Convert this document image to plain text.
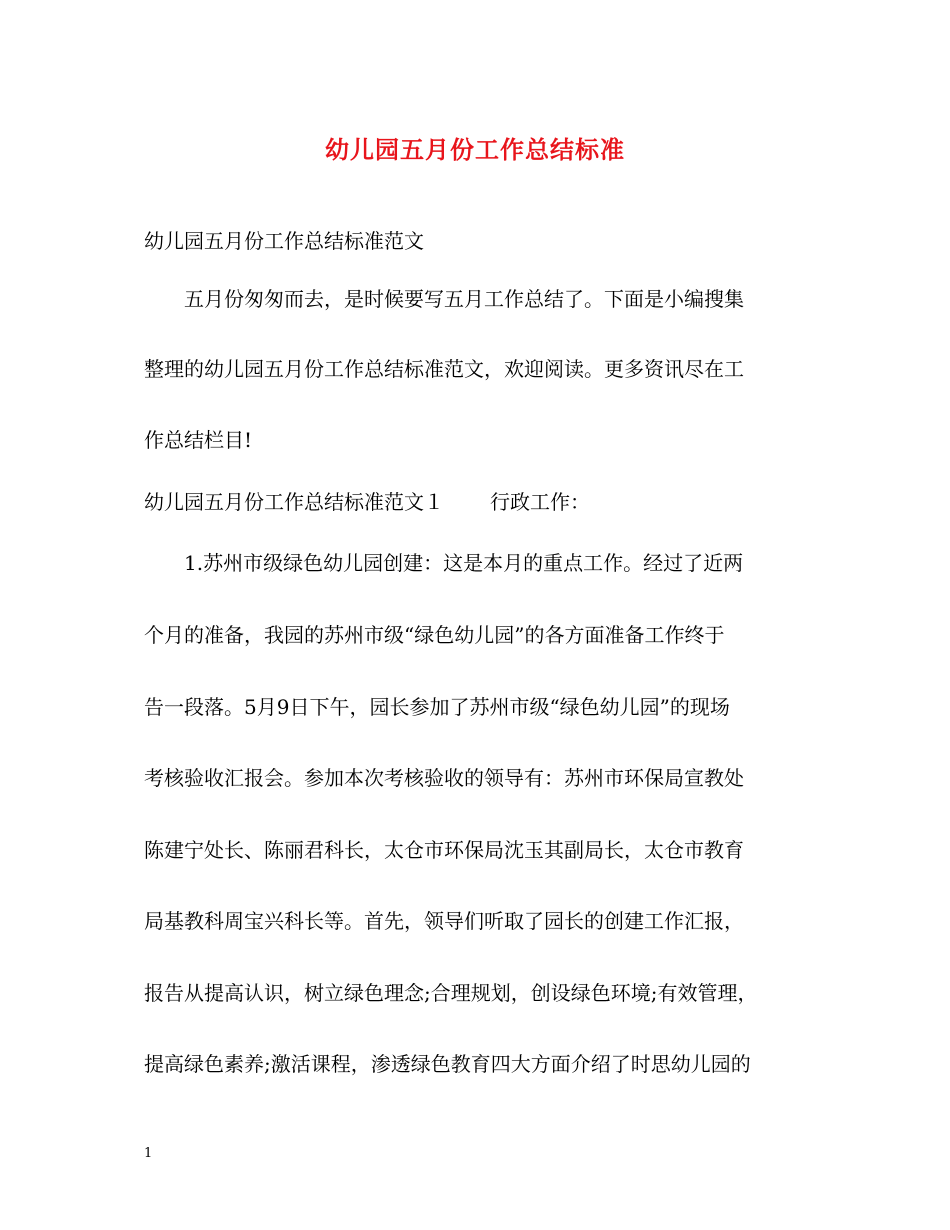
幼儿园五月份工作总结标准
幼儿园五月份工作总结标准范文
五月份匆匆而去，是时候要写五月工作总结了。下面是小编搜集
整理的幼儿园五月份工作总结标准范文，欢迎阅读。更多资讯尽在工
作总结栏目!
幼儿园五月份工作总结标准范文１ 行政工作：
1.苏州市级绿色幼儿园创建：这是本月的重点工作。经过了近两
个月的准备，我园的苏州市级“绿色幼儿园”的各方面准备工作终于
告一段落。5月9日下午，园长参加了苏州市级“绿色幼儿园”的现场
考核验收汇报会。参加本次考核验收的领导有：苏州市环保局宣教处
陈建宁处长、陈丽君科长，太仓市环保局沈玉其副局长，太仓市教育
局基教科周宝兴科长等。首先，领导们听取了园长的创建工作汇报，
报告从提高认识，树立绿色理念;合理规划，创设绿色环境;有效管理，
提高绿色素养;激活课程，渗透绿色教育四大方面介绍了时思幼儿园的
1
